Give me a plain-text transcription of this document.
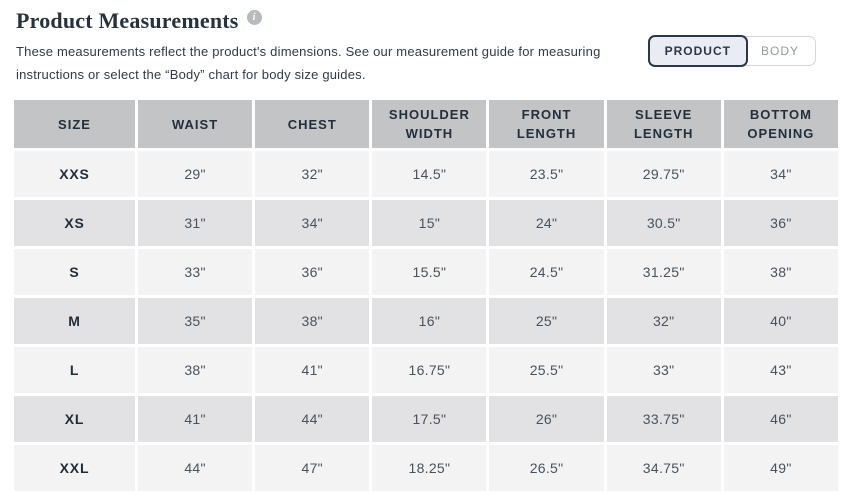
Product Measurements	i

These measurements reflect the product's dimensions. See our measurement guide for measuring
instructions or select the “Body” chart for body size guides.

PRODUCT	BODY
SIZE	WAIST	CHEST	SHOULDER WIDTH	FRONT LENGTH	SLEEVE LENGTH	BOTTOM OPENING
XXS	29"	32"	14.5"	23.5"	29.75"	34"
XS	31"	34"	15"	24"	30.5"	36"
S	33"	36"	15.5"	24.5"	31.25"	38"
M	35"	38"	16"	25"	32"	40"
L	38"	41"	16.75"	25.5"	33"	43"
XL	41"	44"	17.5"	26"	33.75"	46"
XXL	44"	47"	18.25"	26.5"	34.75"	49"
